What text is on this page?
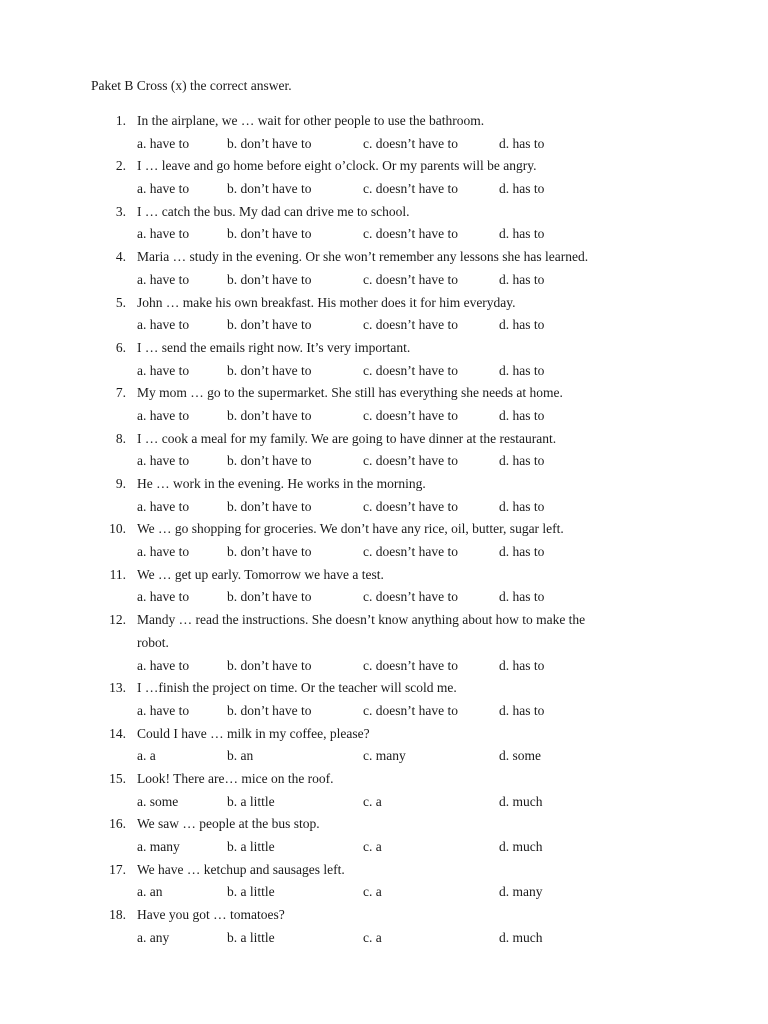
Paket B Cross (x) the correct answer.
1. In the airplane, we … wait for other people to use the bathroom.
a. have to	b. don’t have to	c. doesn’t have to	d. has to
2. I … leave and go home before eight o’clock. Or my parents will be angry.
a. have to	b. don’t have to	c. doesn’t have to	d. has to
3. I … catch the bus. My dad can drive me to school.
a. have to	b. don’t have to	c. doesn’t have to	d. has to
4. Maria … study in the evening. Or she won’t remember any lessons she has learned.
a. have to	b. don’t have to	c. doesn’t have to	d. has to
5. John … make his own breakfast. His mother does it for him everyday.
a. have to	b. don’t have to	c. doesn’t have to	d. has to
6. I … send the emails right now. It’s very important.
a. have to	b. don’t have to	c. doesn’t have to	d. has to
7. My mom … go to the supermarket. She still has everything she needs at home.
a. have to	b. don’t have to	c. doesn’t have to	d. has to
8. I … cook a meal for my family. We are going to have dinner at the restaurant.
a. have to	b. don’t have to	c. doesn’t have to	d. has to
9. He … work in the evening. He works in the morning.
a. have to	b. don’t have to	c. doesn’t have to	d. has to
10. We … go shopping for groceries. We don’t have any rice, oil, butter, sugar left.
a. have to	b. don’t have to	c. doesn’t have to	d. has to
11. We … get up early. Tomorrow we have a test.
a. have to	b. don’t have to	c. doesn’t have to	d. has to
12. Mandy … read the instructions. She doesn’t know anything about how to make the
robot.
a. have to	b. don’t have to	c. doesn’t have to	d. has to
13. I …finish the project on time. Or the teacher will scold me.
a. have to	b. don’t have to	c. doesn’t have to	d. has to
14. Could I have … milk in my coffee, please?
a. a	b. an	c. many	d. some
15. Look! There are… mice on the roof.
a. some	b. a little	c. a	d. much
16. We saw … people at the bus stop.
a. many	b. a little	c. a	d. much
17. We have … ketchup and sausages left.
a. an	b. a little	c. a	d. many
18. Have you got … tomatoes?
a. any	b. a little	c. a	d. much
